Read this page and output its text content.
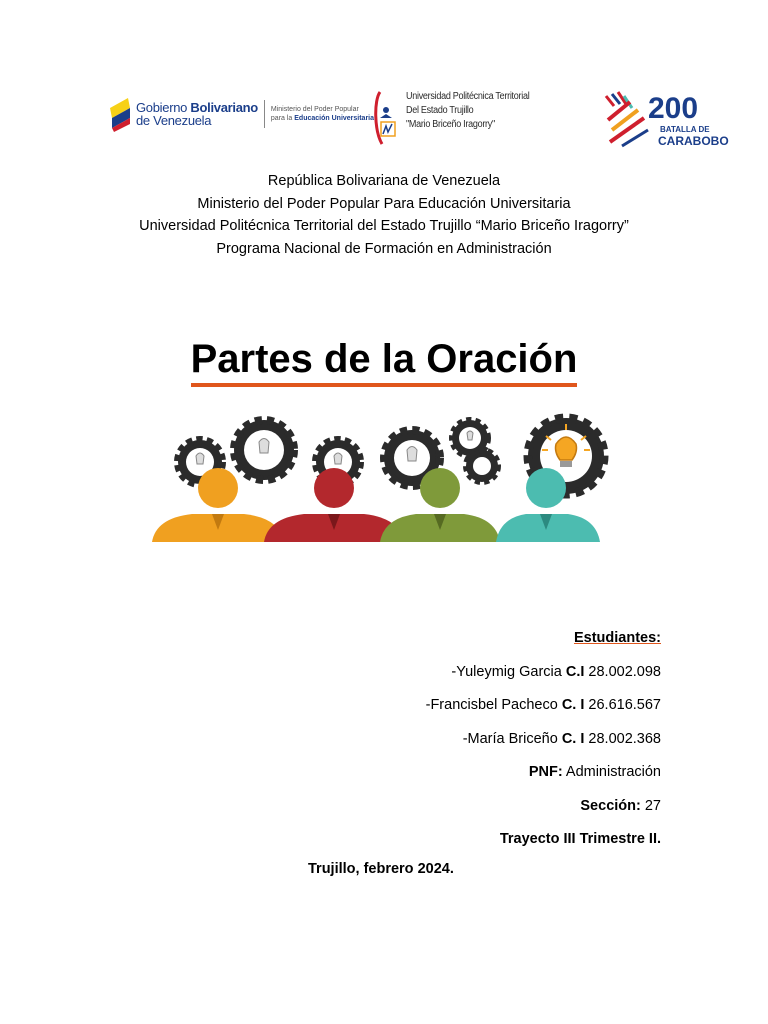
Gobierno Bolivariano
de Venezuela
Ministerio del Poder Popular
para la Educación Universitaria
Universidad Politécnica Territorial
Del Estado Trujillo
"Mario Briceño Iragorry"	200
BATALLA DE
CARABOBO
República Bolivariana de Venezuela
Ministerio del Poder Popular Para Educación Universitaria
Universidad Politécnica Territorial del Estado Trujillo “Mario Briceño Iragorry”
Programa Nacional de Formación en Administración
Partes de la Oración
Estudiantes:
-Yuleymig Garcia C.I 28.002.098
-Francisbel Pacheco C. I 26.616.567
-María Briceño C. I 28.002.368
PNF: Administración
Sección: 27
Trayecto III Trimestre II.
Trujillo, febrero 2024.
